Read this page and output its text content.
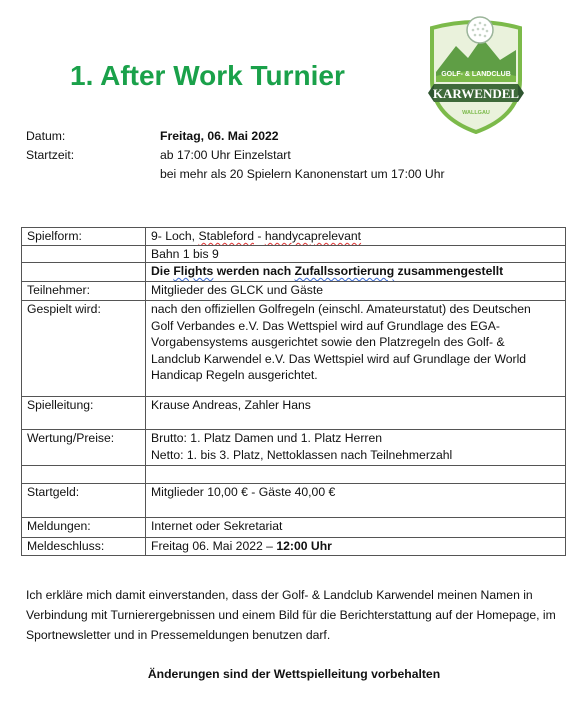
1. After Work Turnier	GOLF- & LANDCLUB
KARWENDEL
WALLGAU
Datum:	Freitag, 06. Mai 2022
Startzeit:	ab 17:00 Uhr Einzelstart
bei mehr als 20 Spielern Kanonenstart um 17:00 Uhr
Spielform:	9- Loch, Stableford - handycaprelevant
	Bahn 1 bis 9
	Die Flights werden nach Zufallssortierung zusammengestellt
Teilnehmer:	Mitglieder des GLCK und Gäste
Gespielt wird:	nach den offiziellen Golfregeln (einschl. Amateurstatut) des Deutschen Golf Verbandes e.V. Das Wettspiel wird auf Grundlage des EGA-Vorgabensystems ausgerichtet sowie den Platzregeln des Golf- & Landclub Karwendel e.V. Das Wettspiel wird auf Grundlage der World Handicap Regeln ausgerichtet.
Spielleitung:	Krause Andreas, Zahler Hans
Wertung/Preise:	Brutto: 1. Platz Damen und 1. Platz Herren
Netto: 1. bis 3. Platz, Nettoklassen nach Teilnehmerzahl

Startgeld:	Mitglieder 10,00 € - Gäste 40,00 €
Meldungen:	Internet oder Sekretariat
Meldeschluss:	Freitag 06. Mai 2022 – 12:00 Uhr
Ich erkläre mich damit einverstanden, dass der Golf- & Landclub Karwendel meinen Namen in Verbindung mit Turnierergebnissen und einem Bild für die Berichterstattung auf der Homepage, im Sportnewsletter und in Pressemeldungen benutzen darf.
Änderungen sind der Wettspielleitung vorbehalten
